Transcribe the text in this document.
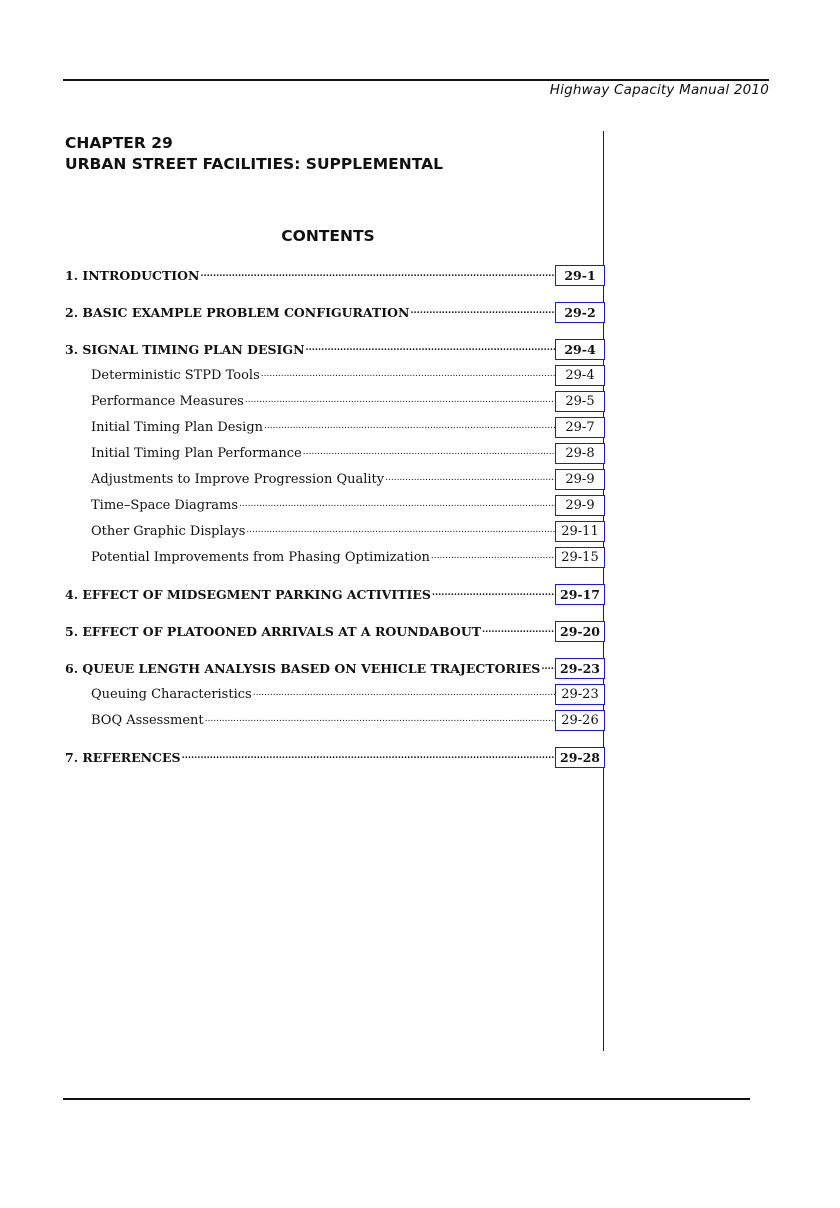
Highway Capacity Manual 2010
CHAPTER 29
URBAN STREET FACILITIES: SUPPLEMENTAL
CONTENTS
1. INTRODUCTION .....	29-1
2. BASIC EXAMPLE PROBLEM CONFIGURATION .....	29-2
3. SIGNAL TIMING PLAN DESIGN .....	29-4
Deterministic STPD Tools .....	29-4
Performance Measures .....	29-5
Initial Timing Plan Design .....	29-7
Initial Timing Plan Performance .....	29-8
Adjustments to Improve Progression Quality .....	29-9
Time–Space Diagrams .....	29-9
Other Graphic Displays .....	29-11
Potential Improvements from Phasing Optimization .....	29-15
4. EFFECT OF MIDSEGMENT PARKING ACTIVITIES .....	29-17
5. EFFECT OF PLATOONED ARRIVALS AT A ROUNDABOUT .....	29-20
6. QUEUE LENGTH ANALYSIS BASED ON VEHICLE TRAJECTORIES .....	29-23
Queuing Characteristics .....	29-23
BOQ Assessment .....	29-26
7. REFERENCES .....	29-28
